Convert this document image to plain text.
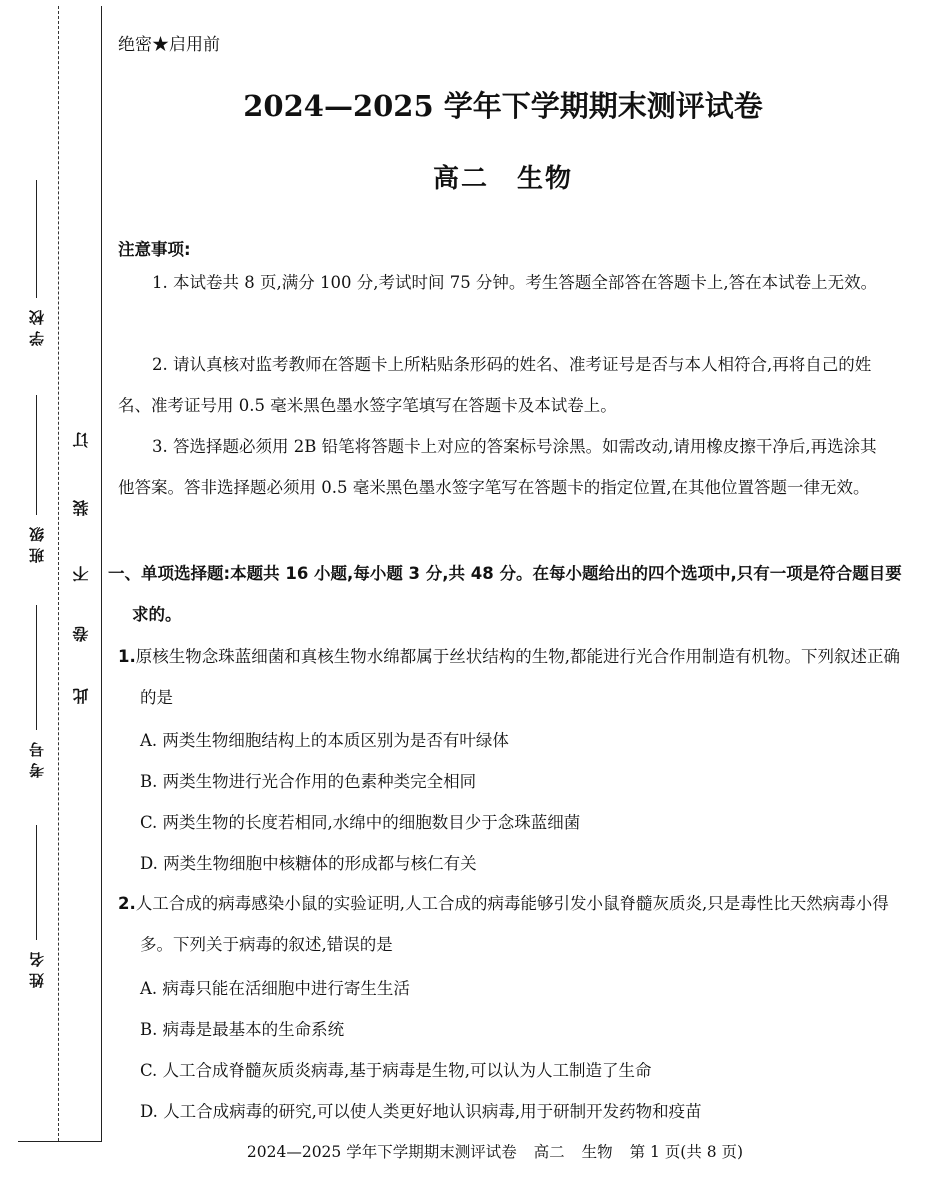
学校
班级
考号
姓名
订
装
不
卷
此
绝密★启用前
2024—2025 学年下学期期末测评试卷
高二　生物
注意事项:
1. 本试卷共 8 页,满分 100 分,考试时间 75 分钟。考生答题全部答在答题卡上,答在本试卷上无效。
2. 请认真核对监考教师在答题卡上所粘贴条形码的姓名、准考证号是否与本人相符合,再将自己的姓名、准考证号用 0.5 毫米黑色墨水签字笔填写在答题卡及本试卷上。
3. 答选择题必须用 2B 铅笔将答题卡上对应的答案标号涂黑。如需改动,请用橡皮擦干净后,再选涂其他答案。答非选择题必须用 0.5 毫米黑色墨水签字笔写在答题卡的指定位置,在其他位置答题一律无效。
一、单项选择题:本题共 16 小题,每小题 3 分,共 48 分。在每小题给出的四个选项中,只有一项是符合题目要求的。
1.原核生物念珠蓝细菌和真核生物水绵都属于丝状结构的生物,都能进行光合作用制造有机物。下列叙述正确的是
A. 两类生物细胞结构上的本质区别为是否有叶绿体
B. 两类生物进行光合作用的色素种类完全相同
C. 两类生物的长度若相同,水绵中的细胞数目少于念珠蓝细菌
D. 两类生物细胞中核糖体的形成都与核仁有关
2.人工合成的病毒感染小鼠的实验证明,人工合成的病毒能够引发小鼠脊髓灰质炎,只是毒性比天然病毒小得多。下列关于病毒的叙述,错误的是
A. 病毒只能在活细胞中进行寄生生活
B. 病毒是最基本的生命系统
C. 人工合成脊髓灰质炎病毒,基于病毒是生物,可以认为人工制造了生命
D. 人工合成病毒的研究,可以使人类更好地认识病毒,用于研制开发药物和疫苗
2024—2025 学年下学期期末测评试卷 高二 生物 第 1 页(共 8 页)
